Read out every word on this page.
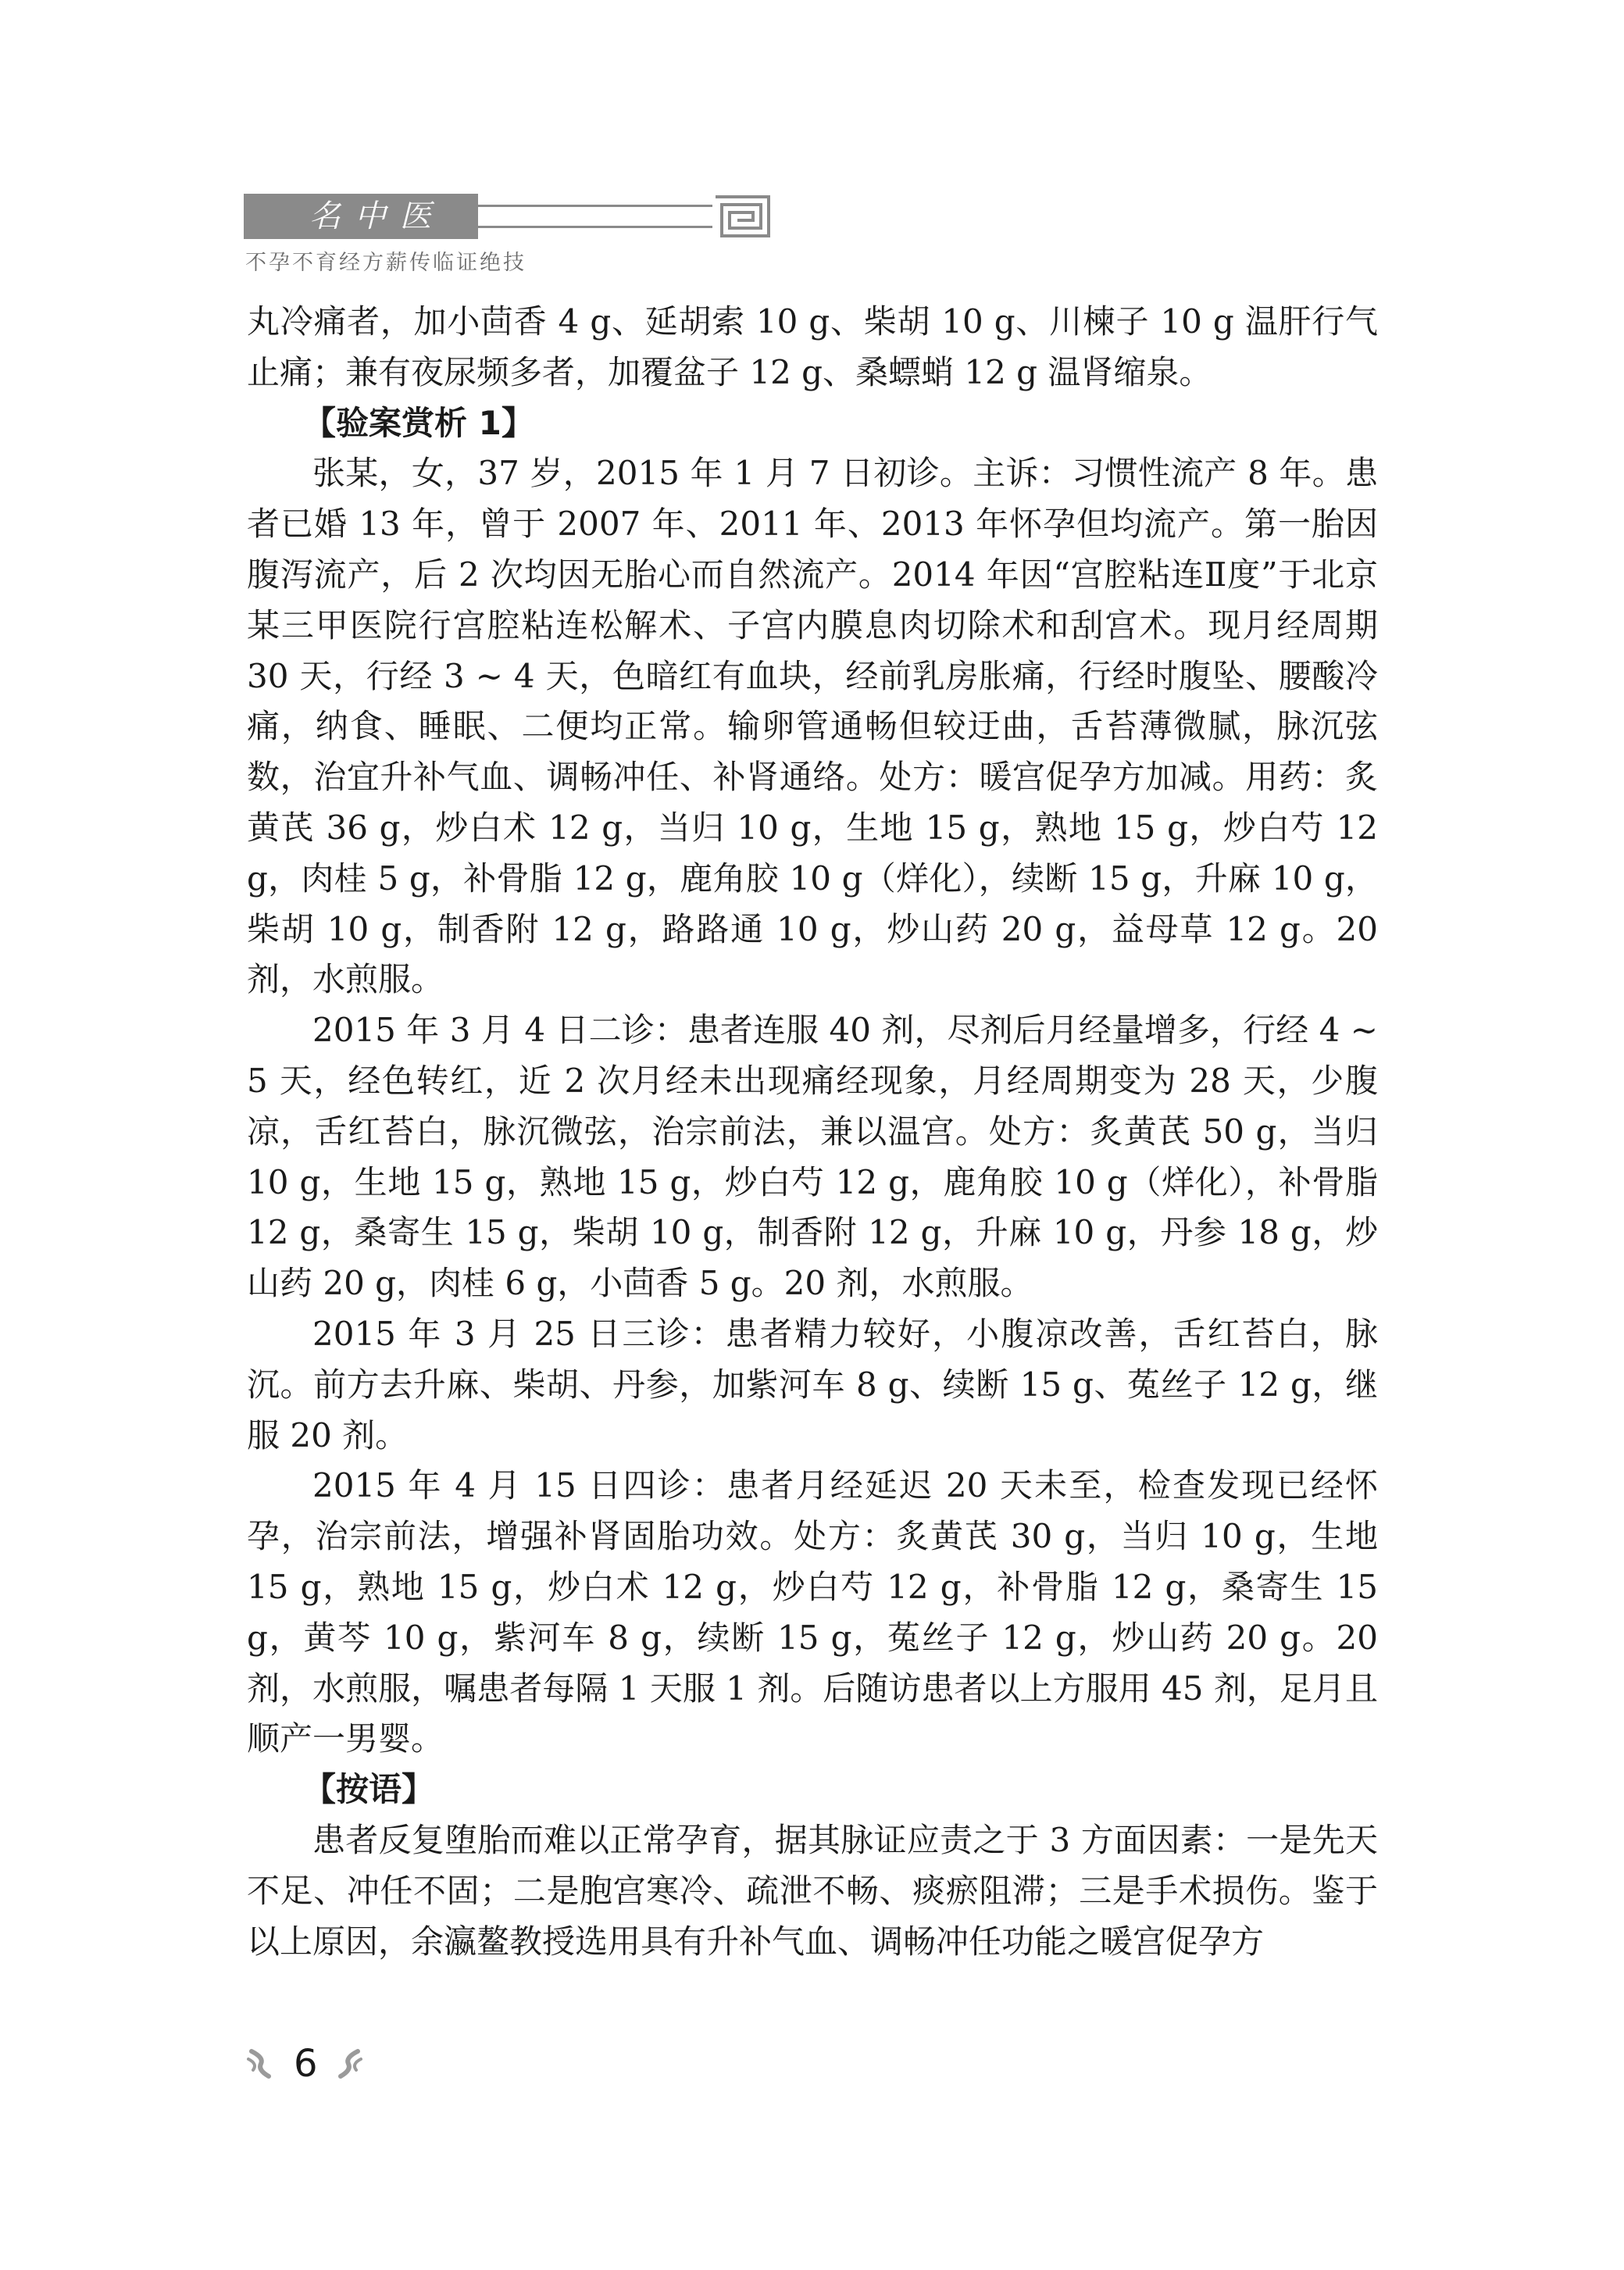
名中医
不孕不育经方薪传临证绝技

丸冷痛者，加小茴香 4 g、延胡索 10 g、柴胡 10 g、川楝子 10 g 温肝行气止痛；兼有夜尿频多者，加覆盆子 12 g、桑螵蛸 12 g 温肾缩泉。

【验案赏析 1】

张某，女，37 岁，2015 年 1 月 7 日初诊。主诉：习惯性流产 8 年。患者已婚 13 年，曾于 2007 年、2011 年、2013 年怀孕但均流产。第一胎因腹泻流产，后 2 次均因无胎心而自然流产。2014 年因“宫腔粘连Ⅱ度”于北京某三甲医院行宫腔粘连松解术、子宫内膜息肉切除术和刮宫术。现月经周期 30 天，行经 3 ~ 4 天，色暗红有血块，经前乳房胀痛，行经时腹坠、腰酸冷痛，纳食、睡眠、二便均正常。输卵管通畅但较迂曲，舌苔薄微腻，脉沉弦数，治宜升补气血、调畅冲任、补肾通络。处方：暖宫促孕方加减。用药：炙黄芪 36 g，炒白术 12 g，当归 10 g，生地 15 g，熟地 15 g，炒白芍 12 g，肉桂 5 g，补骨脂 12 g，鹿角胶 10 g（烊化），续断 15 g，升麻 10 g，柴胡 10 g，制香附 12 g，路路通 10 g，炒山药 20 g，益母草 12 g。20 剂，水煎服。

2015 年 3 月 4 日二诊：患者连服 40 剂，尽剂后月经量增多，行经 4 ~ 5 天，经色转红，近 2 次月经未出现痛经现象，月经周期变为 28 天，少腹凉，舌红苔白，脉沉微弦，治宗前法，兼以温宫。处方：炙黄芪 50 g，当归 10 g，生地 15 g，熟地 15 g，炒白芍 12 g，鹿角胶 10 g（烊化），补骨脂 12 g，桑寄生 15 g，柴胡 10 g，制香附 12 g，升麻 10 g，丹参 18 g，炒山药 20 g，肉桂 6 g，小茴香 5 g。20 剂，水煎服。

2015 年 3 月 25 日三诊：患者精力较好，小腹凉改善，舌红苔白，脉沉。前方去升麻、柴胡、丹参，加紫河车 8 g、续断 15 g、菟丝子 12 g，继服 20 剂。

2015 年 4 月 15 日四诊：患者月经延迟 20 天未至，检查发现已经怀孕，治宗前法，增强补肾固胎功效。处方：炙黄芪 30 g，当归 10 g，生地 15 g，熟地 15 g，炒白术 12 g，炒白芍 12 g，补骨脂 12 g，桑寄生 15 g，黄芩 10 g，紫河车 8 g，续断 15 g，菟丝子 12 g，炒山药 20 g。20 剂，水煎服，嘱患者每隔 1 天服 1 剂。后随访患者以上方服用 45 剂，足月且顺产一男婴。

【按语】

患者反复堕胎而难以正常孕育，据其脉证应责之于 3 方面因素：一是先天不足、冲任不固；二是胞宫寒冷、疏泄不畅、痰瘀阻滞；三是手术损伤。鉴于以上原因，余瀛鳌教授选用具有升补气血、调畅冲任功能之暖宫促孕方

6
